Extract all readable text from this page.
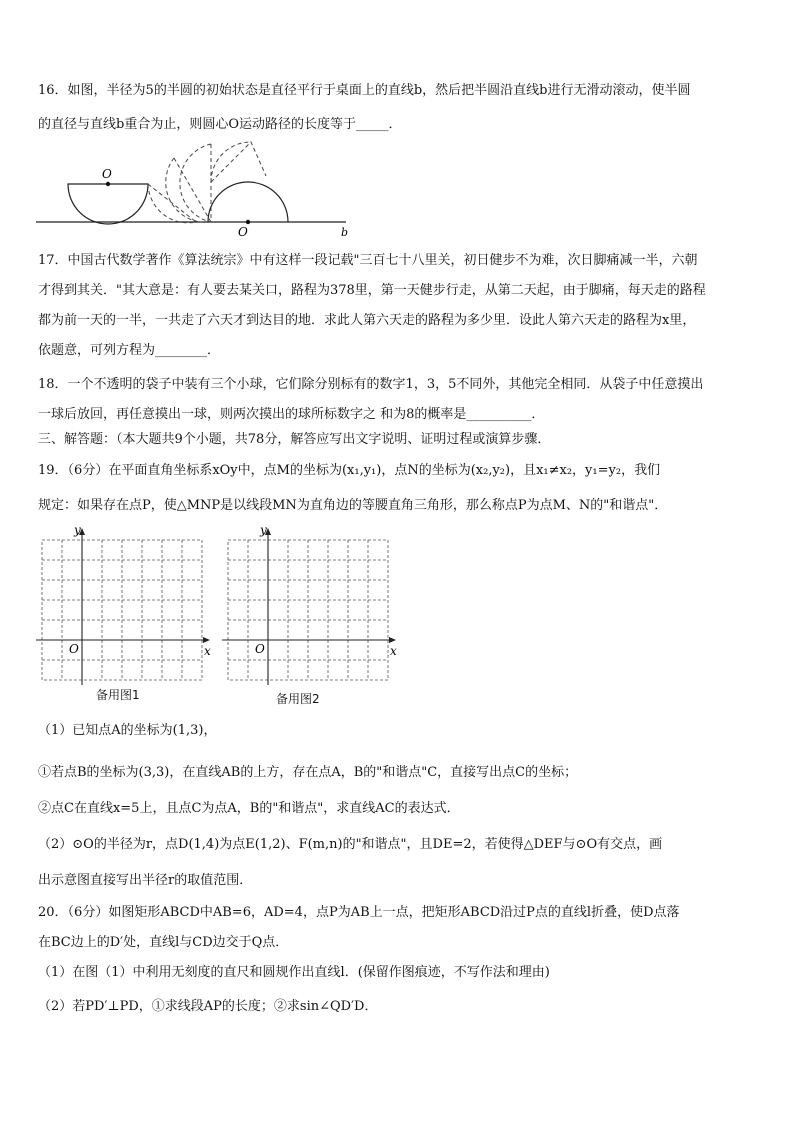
16．如图，半径为5的半圆的初始状态是直径平行于桌面上的直线b，然后把半圆沿直线b进行无滑动滚动，使半圆
的直径与直线b重合为止，则圆心O运动路径的长度等于_____．
O
O	b
17．中国古代数学著作《算法统宗》中有这样一段记载"三百七十八里关，初日健步不为难，次日脚痛减一半，六朝
才得到其关．"其大意是：有人要去某关口，路程为378里，第一天健步行走，从第二天起，由于脚痛，每天走的路程
都为前一天的一半，一共走了六天才到达目的地．求此人第六天走的路程为多少里．设此人第六天走的路程为x里，
依题意，可列方程为________．
18．一个不透明的袋子中装有三个小球，它们除分别标有的数字1，3，5不同外，其他完全相同．从袋子中任意摸出
一球后放回，再任意摸出一球，则两次摸出的球所标数字之 和为8的概率是__________．
三、解答题：（本大题共9个小题，共78分，解答应写出文字说明、证明过程或演算步骤．
19．（6分）在平面直角坐标系xOy中，点M的坐标为(x₁,y₁)，点N的坐标为(x₂,y₂)，且x₁≠x₂，y₁=y₂，我们
规定：如果存在点P，使△MNP是以线段MN为直角边的等腰直角三角形，那么称点P为点M、N的"和谐点"．
x
y
O
备用图1
x
y
O
备用图2
（1）已知点A的坐标为(1,3)，
①若点B的坐标为(3,3)，在直线AB的上方，存在点A，B的"和谐点"C，直接写出点C的坐标；
②点C在直线x=5上，且点C为点A，B的"和谐点"，求直线AC的表达式．
（2）⊙O的半径为r，点D(1,4)为点E(1,2)、F(m,n)的"和谐点"，且DE=2，若使得△DEF与⊙O有交点，画
出示意图直接写出半径r的取值范围．
20．（6分）如图矩形ABCD中AB=6，AD=4，点P为AB上一点，把矩形ABCD沿过P点的直线l折叠，使D点落
在BC边上的D′处，直线l与CD边交于Q点．
（1）在图（1）中利用无刻度的直尺和圆规作出直线l．(保留作图痕迹，不写作法和理由)
（2）若PD′⊥PD，①求线段AP的长度；②求sin∠QD′D．
